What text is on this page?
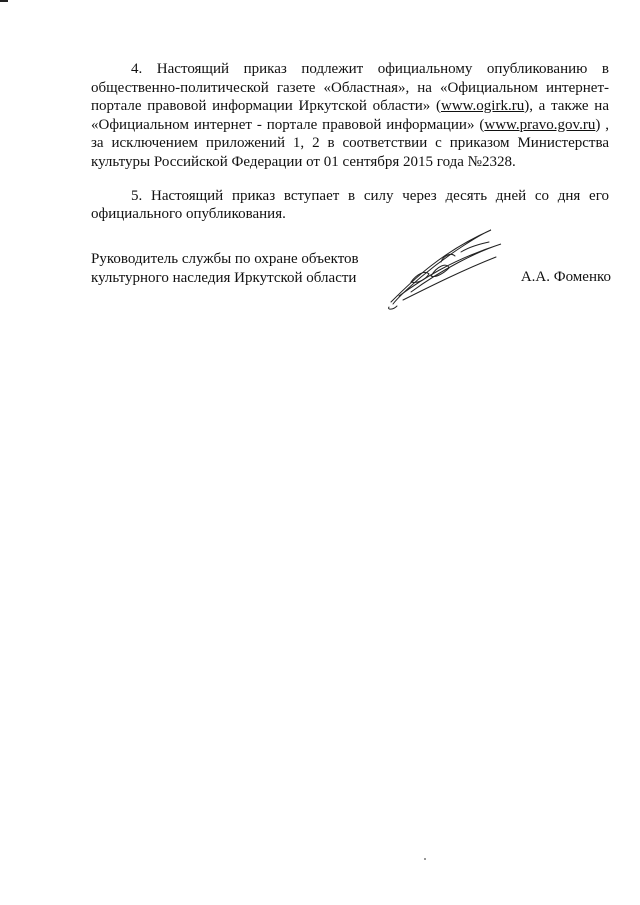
4. Настоящий приказ подлежит официальному опубликованию в общественно-политической газете «Областная», на «Официальном интернет-портале правовой информации Иркутской области» (www.ogirk.ru), а также на «Официальном интернет - портале правовой информации» (www.pravo.gov.ru) , за исключением приложений 1, 2 в соответствии с приказом Министерства культуры Российской Федерации от 01 сентября 2015 года №2328.

5. Настоящий приказ вступает в силу через десять дней со дня его официального опубликования.

Руководитель службы по охране объектов
культурного наследия Иркутской области	А.А. Фоменко
